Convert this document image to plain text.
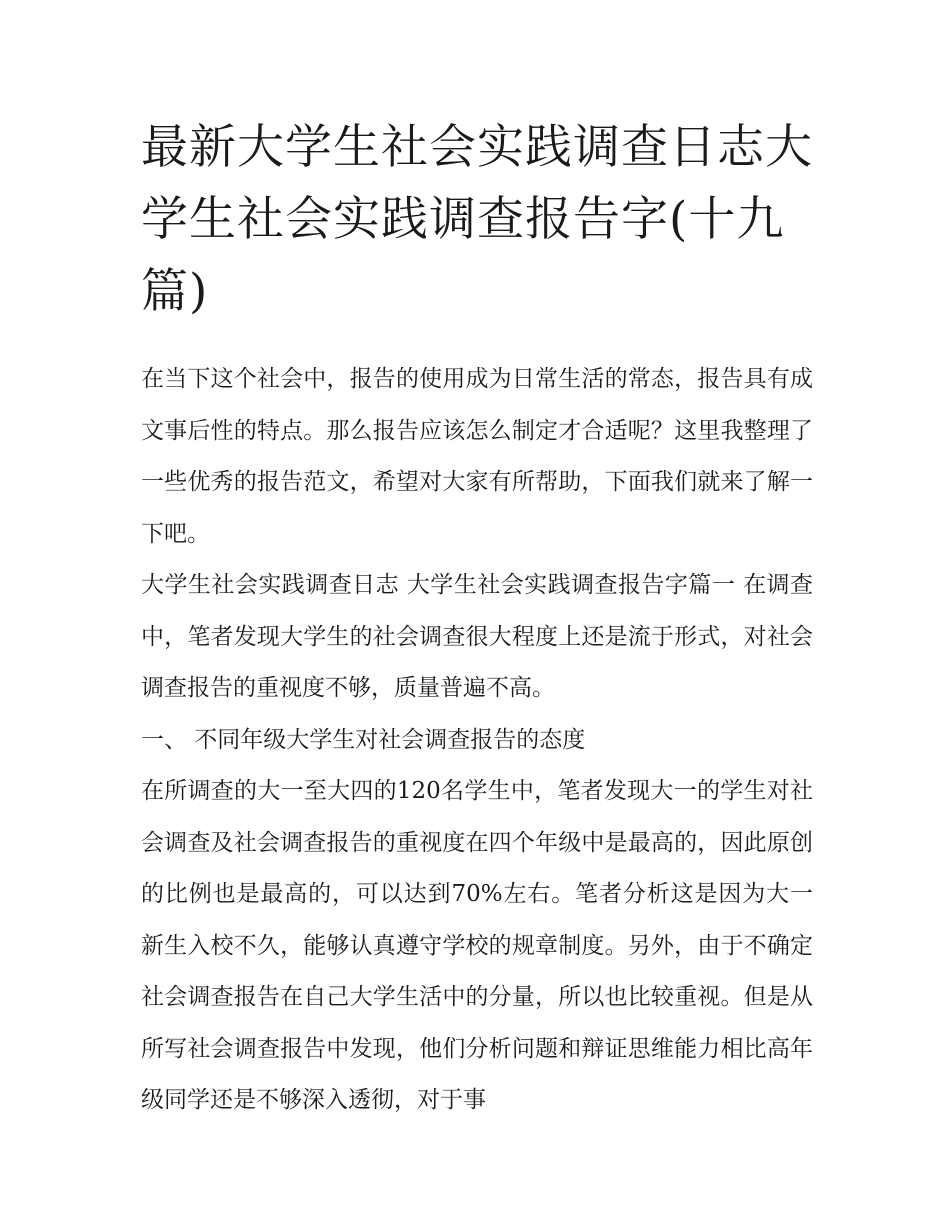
最新大学生社会实践调查日志大学生社会实践调查报告字(十九篇)

在当下这个社会中，报告的使用成为日常生活的常态，报告具有成文事后性的特点。那么报告应该怎么制定才合适呢？这里我整理了一些优秀的报告范文，希望对大家有所帮助，下面我们就来了解一下吧。

大学生社会实践调查日志 大学生社会实践调查报告字篇一 在调查中，笔者发现大学生的社会调查很大程度上还是流于形式，对社会调查报告的重视度不够，质量普遍不高。

一、 不同年级大学生对社会调查报告的态度

在所调查的大一至大四的120名学生中，笔者发现大一的学生对社会调查及社会调查报告的重视度在四个年级中是最高的，因此原创的比例也是最高的，可以达到70%左右。笔者分析这是因为大一新生入校不久，能够认真遵守学校的规章制度。另外，由于不确定社会调查报告在自己大学生活中的分量，所以也比较重视。但是从所写社会调查报告中发现，他们分析问题和辩证思维能力相比高年级同学还是不够深入透彻，对于事
